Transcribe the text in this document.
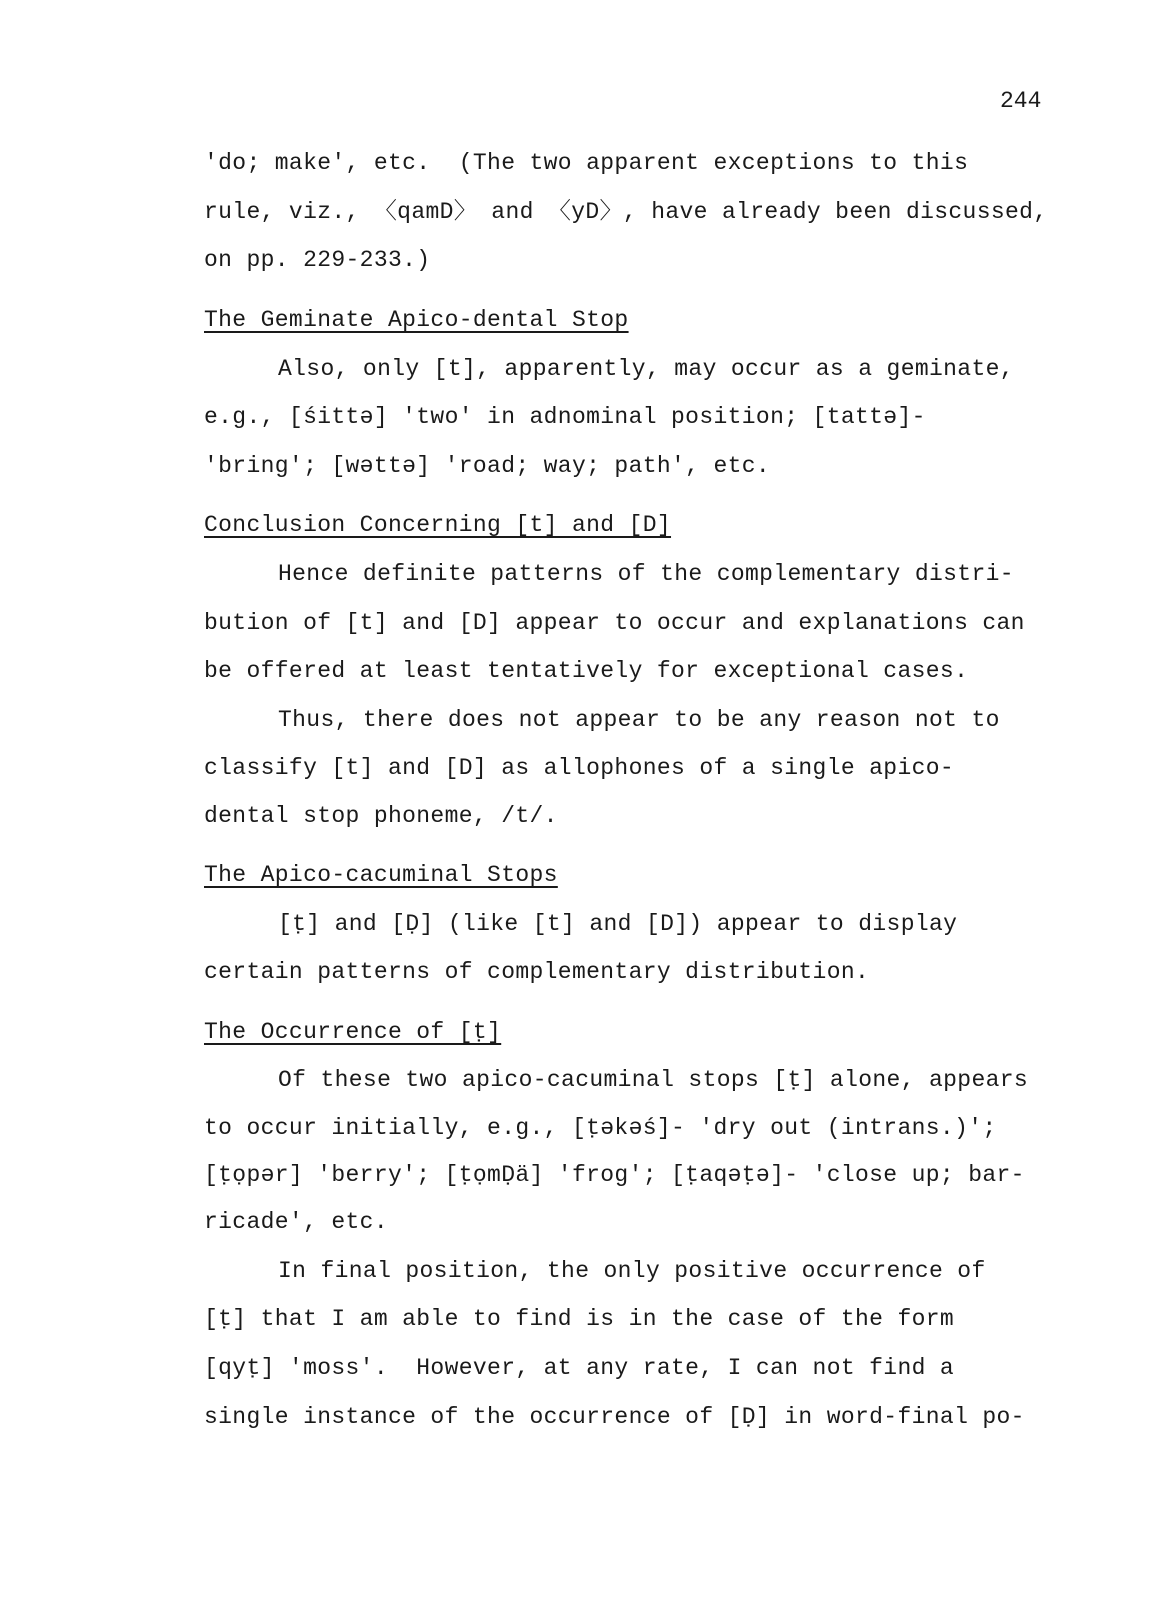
244
'do; make', etc.  (The two apparent exceptions to this
rule, viz., 〈qamD〉 and 〈yD〉, have already been discussed,
on pp. 229-233.)
The Geminate Apico-dental Stop
Also, only [t], apparently, may occur as a geminate,
e.g., [śittə] 'two' in adnominal position; [tattə]-
'bring'; [wəttə] 'road; way; path', etc.
Conclusion Concerning [t] and [D]
Hence definite patterns of the complementary distri-
bution of [t] and [D] appear to occur and explanations can
be offered at least tentatively for exceptional cases.
Thus, there does not appear to be any reason not to
classify [t] and [D] as allophones of a single apico-
dental stop phoneme, /t/.
The Apico-cacuminal Stops
[ṭ] and [Ḍ] (like [t] and [D]) appear to display
certain patterns of complementary distribution.
The Occurrence of [ṭ]
Of these two apico-cacuminal stops [ṭ] alone, appears
to occur initially, e.g., [ṭəkəś]- 'dry out (intrans.)';
[ṭọpər] 'berry'; [ṭọmḌä] 'frog'; [ṭaqəṭə]- 'close up; bar-
ricade', etc.
In final position, the only positive occurrence of
[ṭ] that I am able to find is in the case of the form
[qyṭ] 'moss'.  However, at any rate, I can not find a
single instance of the occurrence of [Ḍ] in word-final po-
